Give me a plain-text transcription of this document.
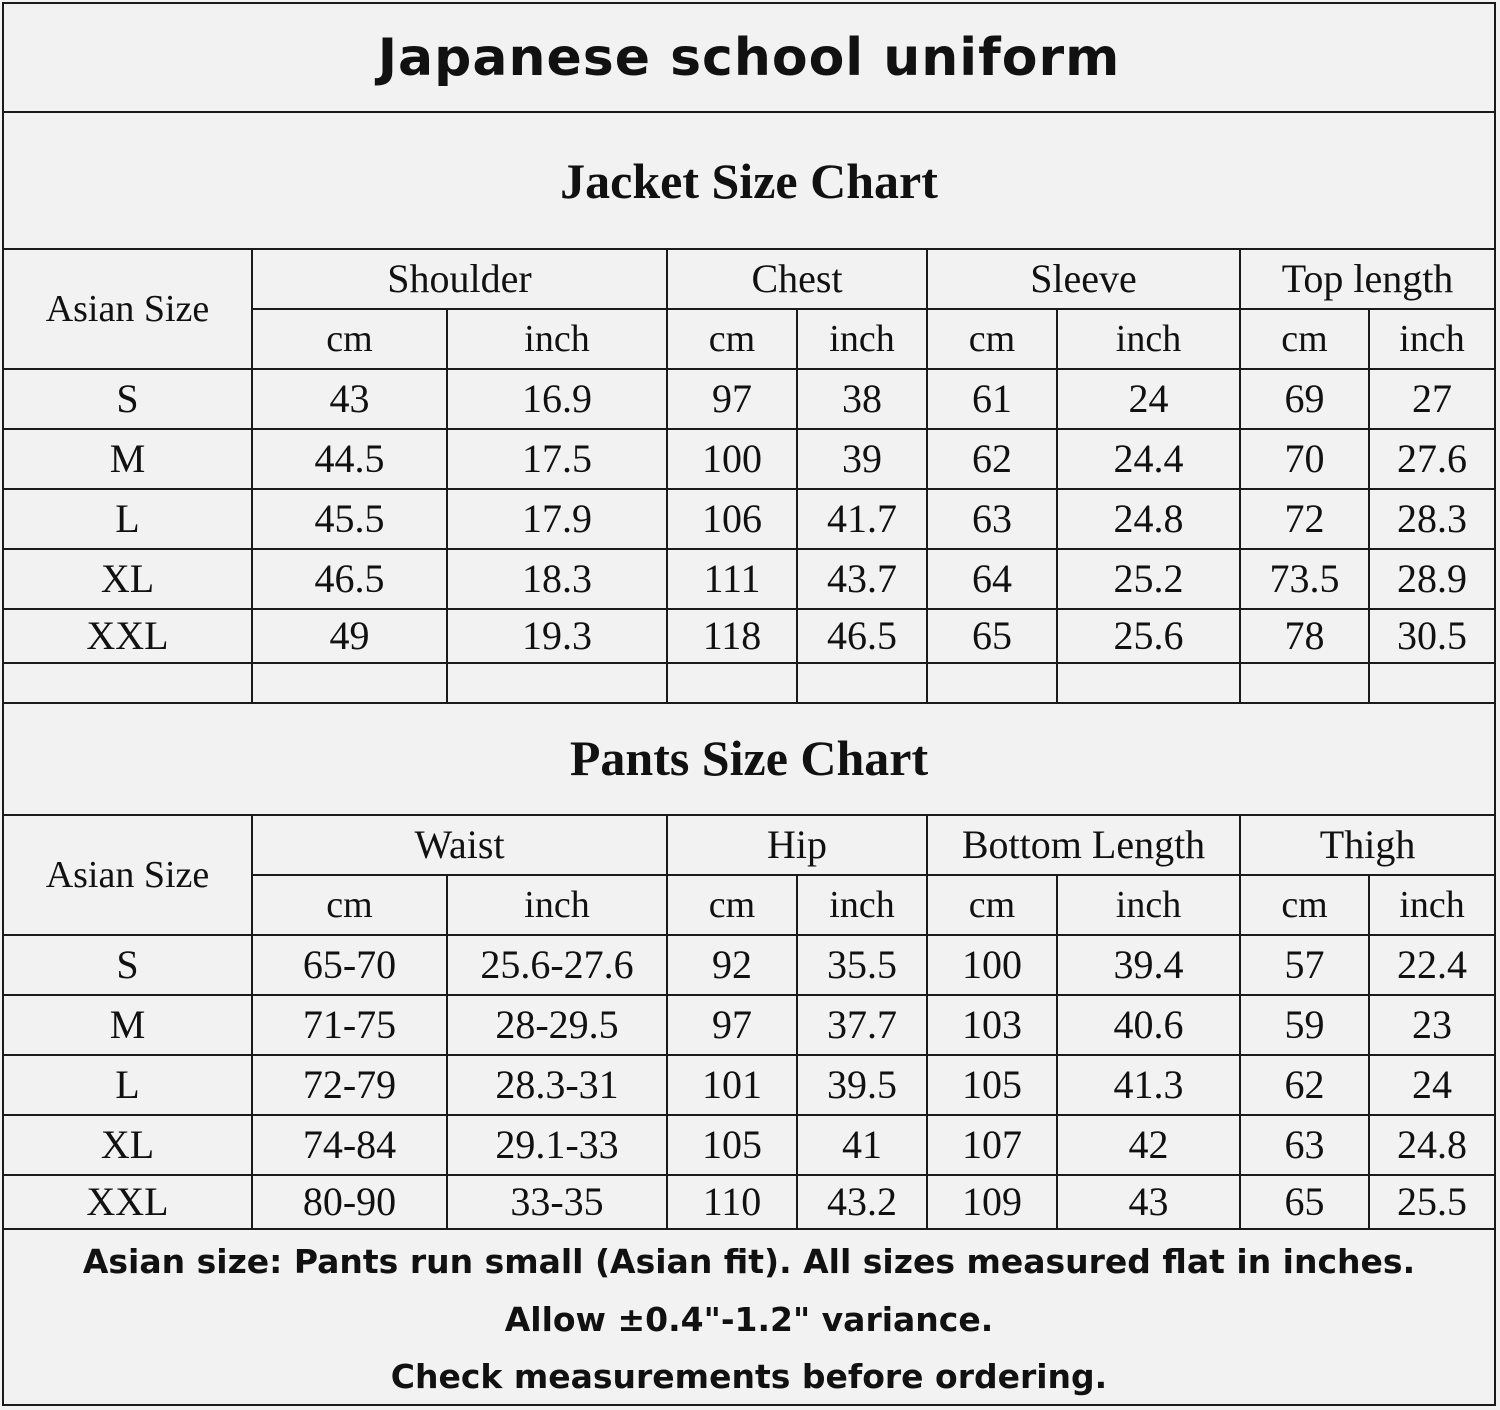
Japanese school uniform
Jacket Size Chart
Asian Size	Shoulder		Chest		Sleeve		Top length	
	cm	inch	cm	inch	cm	inch	cm	inch
S	43	16.9	97	38	61	24	69	27
M	44.5	17.5	100	39	62	24.4	70	27.6
L	45.5	17.9	106	41.7	63	24.8	72	28.3
XL	46.5	18.3	111	43.7	64	25.2	73.5	28.9
XXL	49	19.3	118	46.5	65	25.6	78	30.5

Pants Size Chart
Asian Size	Waist		Hip		Bottom Length		Thigh	
	cm	inch	cm	inch	cm	inch	cm	inch
S	65-70	25.6-27.6	92	35.5	100	39.4	57	22.4
M	71-75	28-29.5	97	37.7	103	40.6	59	23
L	72-79	28.3-31	101	39.5	105	41.3	62	24
XL	74-84	29.1-33	105	41	107	42	63	24.8
XXL	80-90	33-35	110	43.2	109	43	65	25.5
Asian size: Pants run small (Asian fit). All sizes measured flat in inches.
Allow ±0.4"-1.2" variance.
Check measurements before ordering.
